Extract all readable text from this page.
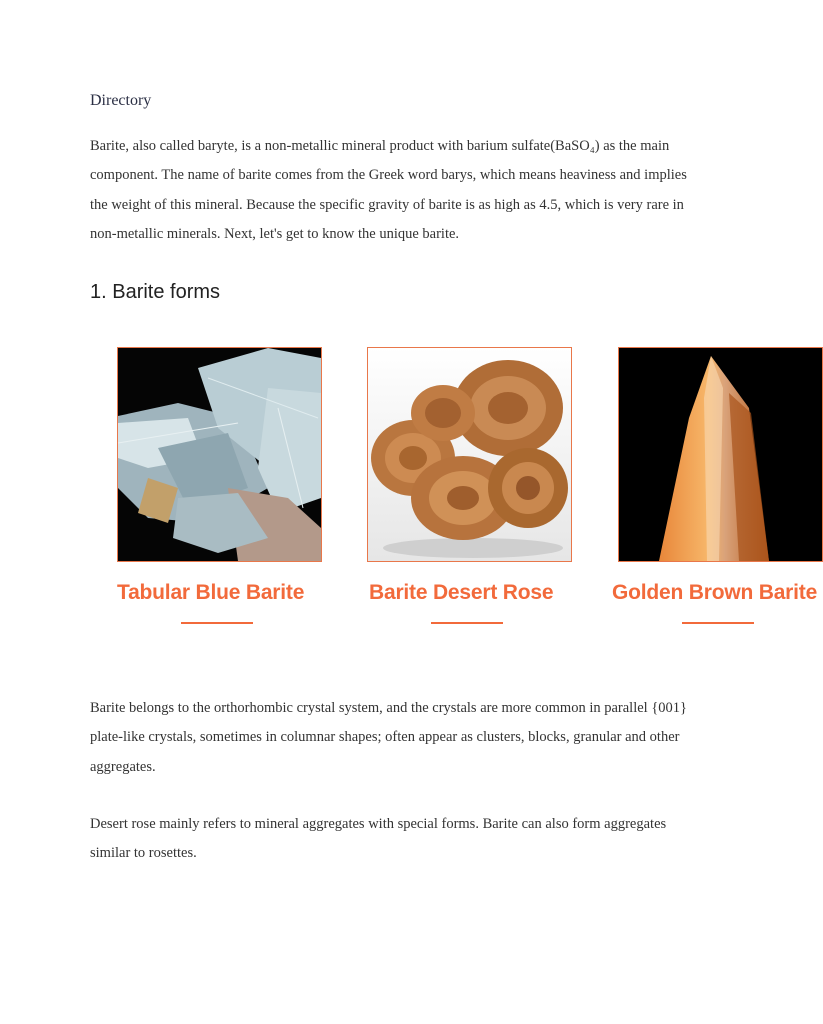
Directory

Barite, also called baryte, is a non-metallic mineral product with barium sulfate(BaSO₄) as the main component. The name of barite comes from the Greek word barys, which means heaviness and implies the weight of this mineral. Because the specific gravity of barite is as high as 4.5, which is very rare in non-metallic minerals. Next, let's get to know the unique barite.

1. Barite forms
Tabular Blue Barite	Barite Desert Rose	Golden Brown Barite

Barite belongs to the orthorhombic crystal system, and the crystals are more common in parallel {001} plate-like crystals, sometimes in columnar shapes; often appear as clusters, blocks, granular and other aggregates.

Desert rose mainly refers to mineral aggregates with special forms. Barite can also form aggregates similar to rosettes.
